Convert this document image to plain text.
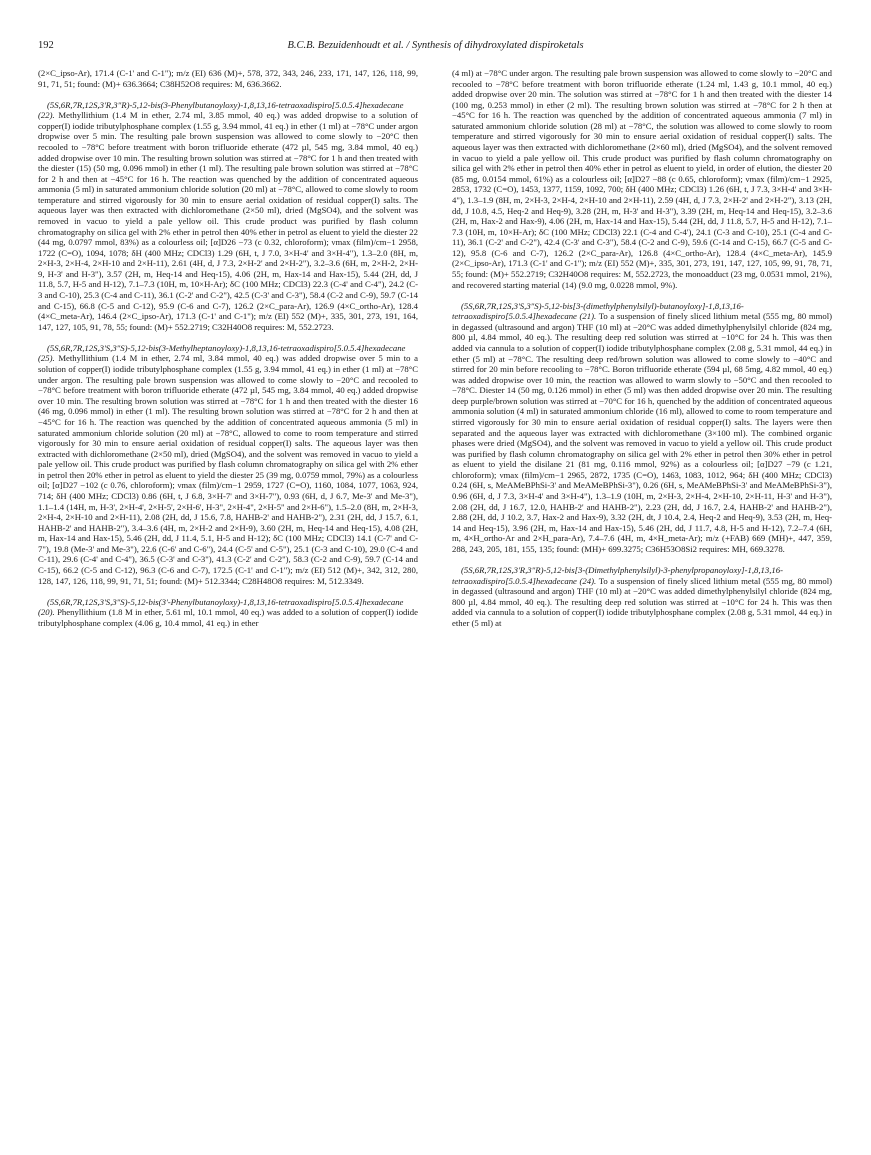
192	B.C.B. Bezuidenhoudt et al. / Synthesis of dihydroxylated dispiroketals

(2×C_ipso-Ar), 171.4 (C-1' and C-1"); m/z (EI) 636 (M)+, 578, 372, 343, 246, 233, 171, 147, 126, 118, 99, 91, 71, 51; found: (M)+ 636.3664; C38H52O8 requires: M, 636.3662.

(5S,6R,7R,12S,3'R,3"R)-5,12-bis(3-Phenylbutanoyloxy)-1,8,13,16-tetraoxadispiro[5.0.5.4]hexadecane (22). Methyllithium (1.4 M in ether, 2.74 ml, 3.85 mmol, 40 eq.) was added dropwise to a solution of copper(I) iodide tributylphosphane complex (1.55 g, 3.94 mmol, 41 eq.) in ether (1 ml) at −78°C under argon dropwise over 5 min. The resulting pale brown suspension was allowed to come slowly to −20°C then recooled to −78°C before treatment with boron trifluoride etherate (472 µl, 545 mg, 3.84 mmol, 40 eq.) added dropwise over 10 min. The resulting brown solution was stirred at −78°C for 1 h and then treated with the diester (15) (50 mg, 0.096 mmol) in ether (1 ml). The resulting pale brown solution was stirred at −78°C for 2 h and then at −45°C for 16 h. The reaction was quenched by the addition of concentrated aqueous ammonia (5 ml) in saturated ammonium chloride solution (20 ml) at −78°C, allowed to come slowly to room temperature and stirred vigorously for 30 min to ensure aerial oxidation of residual copper(I) salts. The aqueous layer was then extracted with dichloromethane (2×50 ml), dried (MgSO4), and the solvent was removed in vacuo to yield a pale yellow oil. This crude product was purified by flash column chromatography on silica gel with 2% ether in petrol then 40% ether in petrol as eluent to yield the diester 22 (44 mg, 0.0797 mmol, 83%) as a colourless oil; [α]D26 −73 (c 0.32, chloroform); νmax (film)/cm−1 2958, 1722 (C=O), 1094, 1078; δH (400 MHz; CDCl3) 1.29 (6H, t, J 7.0, 3×H-4' and 3×H-4"), 1.3–2.0 (8H, m, 2×H-3, 2×H-4, 2×H-10 and 2×H-11), 2.61 (4H, d, J 7.3, 2×H-2' and 2×H-2"), 3.2–3.6 (6H, m, 2×H-2, 2×H-9, H-3' and H-3"), 3.57 (2H, m, Heq-14 and Heq-15), 4.06 (2H, m, Hax-14 and Hax-15), 5.44 (2H, dd, J 11.8, 5.7, H-5 and H-12), 7.1–7.3 (10H, m, 10×H-Ar); δC (100 MHz; CDCl3) 22.3 (C-4' and C-4"), 24.2 (C-3 and C-10), 25.3 (C-4 and C-11), 36.1 (C-2' and C-2"), 42.5 (C-3' and C-3"), 58.4 (C-2 and C-9), 59.7 (C-14 and C-15), 66.8 (C-5 and C-12), 95.9 (C-6 and C-7), 126.2 (2×C_para-Ar), 126.9 (4×C_ortho-Ar), 128.4 (4×C_meta-Ar), 146.4 (2×C_ipso-Ar), 171.3 (C-1' and C-1"); m/z (EI) 552 (M)+, 335, 301, 273, 191, 164, 147, 127, 105, 91, 78, 55; found: (M)+ 552.2719; C32H40O8 requires: M, 552.2723.

(5S,6R,7R,12S,3'S,3"S)-5,12-bis(3-Methylheptanoyloxy)-1,8,13,16-tetraoxadispiro[5.0.5.4]hexadecane (25). Methyllithium (1.4 M in ether, 2.74 ml, 3.84 mmol, 40 eq.) was added dropwise over 5 min to a solution of copper(I) iodide tributylphosphane complex (1.55 g, 3.94 mmol, 41 eq.) in ether (1 ml) at −78°C under argon. The resulting pale brown suspension was allowed to come slowly to −20°C and recooled to −78°C before treatment with boron trifluoride etherate (472 µl, 545 mg, 3.84 mmol, 40 eq.) added dropwise over 10 min. The resulting brown solution was stirred at −78°C for 1 h and then treated with the diester 16 (46 mg, 0.096 mmol) in ether (1 ml). The resulting brown solution was stirred at −78°C for 2 h and then at −45°C for 16 h. The reaction was quenched by the addition of concentrated aqueous ammonia (5 ml) in saturated ammonium chloride solution (20 ml) at −78°C, allowed to come to room temperature and stirred vigorously for 30 min to ensure aerial oxidation of residual copper(I) salts. The aqueous layer was then extracted with dichloromethane (2×50 ml), dried (MgSO4), and the solvent was removed in vacuo to yield a pale yellow oil. This crude product was purified by flash column chromatography on silica gel with 2% ether in petrol then 20% ether in petrol as eluent to yield the diester 25 (39 mg, 0.0759 mmol, 79%) as a colourless oil; [α]D27 −102 (c 0.76, chloroform); νmax (film)/cm−1 2959, 1727 (C=O), 1160, 1084, 1077, 1063, 924, 714; δH (400 MHz; CDCl3) 0.86 (6H, t, J 6.8, 3×H-7' and 3×H-7"), 0.93 (6H, d, J 6.7, Me-3' and Me-3"), 1.1–1.4 (14H, m, H-3', 2×H-4', 2×H-5', 2×H-6', H-3", 2×H-4", 2×H-5" and 2×H-6"), 1.5–2.0 (8H, m, 2×H-3, 2×H-4, 2×H-10 and 2×H-11), 2.08 (2H, dd, J 15.6, 7.8, HAHB-2' and HAHB-2"), 2.31 (2H, dd, J 15.7, 6.1, HAHB-2' and HAHB-2"), 3.4–3.6 (4H, m, 2×H-2 and 2×H-9), 3.60 (2H, m, Heq-14 and Heq-15), 4.08 (2H, m, Hax-14 and Hax-15), 5.46 (2H, dd, J 11.4, 5.1, H-5 and H-12); δC (100 MHz; CDCl3) 14.1 (C-7' and C-7"), 19.8 (Me-3' and Me-3"), 22.6 (C-6' and C-6"), 24.4 (C-5' and C-5"), 25.1 (C-3 and C-10), 29.0 (C-4 and C-11), 29.6 (C-4' and C-4"), 36.5 (C-3' and C-3"), 41.3 (C-2' and C-2"), 58.3 (C-2 and C-9), 59.7 (C-14 and C-15), 66.2 (C-5 and C-12), 96.3 (C-6 and C-7), 172.5 (C-1' and C-1"); m/z (EI) 512 (M)+, 342, 312, 280, 128, 147, 126, 118, 99, 91, 71, 51; found: (M)+ 512.3344; C28H48O8 requires: M, 512.3349.

(5S,6R,7R,12S,3'S,3"S)-5,12-bis(3'-Phenylbutanoyloxy)-1,8,13,16-tetraoxadispiro[5.0.5.4]hexadecane (20). Phenyllithium (1.8 M in ether, 5.61 ml, 10.1 mmol, 40 eq.) was added to a solution of copper(I) iodide tributylphosphane complex (4.06 g, 10.4 mmol, 41 eq.) in ether

(4 ml) at −78°C under argon. The resulting pale brown suspension was allowed to come slowly to −20°C and recooled to −78°C before treatment with boron trifluoride etherate (1.24 ml, 1.43 g, 10.1 mmol, 40 eq.) added dropwise over 20 min. The solution was stirred at −78°C for 1 h and then treated with the diester 14 (100 mg, 0.253 mmol) in ether (2 ml). The resulting brown solution was stirred at −78°C for 2 h then at −45°C for 16 h. The reaction was quenched by the addition of concentrated aqueous ammonia (7 ml) in saturated ammonium chloride solution (28 ml) at −78°C, the solution was allowed to come slowly to room temperature and stirred vigorously for 30 min to ensure aerial oxidation of residual copper(I) salts. The aqueous layer was then extracted with dichloromethane (2×60 ml), dried (MgSO4), and the solvent removed in vacuo to yield a pale yellow oil. This crude product was purified by flash column chromatography on silica gel with 2% ether in petrol then 40% ether in petrol as eluent to yield, in order of elution, the diester 20 (85 mg, 0.0154 mmol, 61%) as a colourless oil; [α]D27 −88 (c 0.65, chloroform); νmax (film)/cm−1 2925, 2853, 1732 (C=O), 1453, 1377, 1159, 1092, 700; δH (400 MHz; CDCl3) 1.26 (6H, t, J 7.3, 3×H-4' and 3×H-4"), 1.3–1.9 (8H, m, 2×H-3, 2×H-4, 2×H-10 and 2×H-11), 2.59 (4H, d, J 7.3, 2×H-2' and 2×H-2"), 3.13 (2H, dd, J 10.8, 4.5, Heq-2 and Heq-9), 3.28 (2H, m, H-3' and H-3"), 3.39 (2H, m, Heq-14 and Heq-15), 3.2–3.6 (2H, m, Hax-2 and Hax-9), 4.06 (2H, m, Hax-14 and Hax-15), 5.44 (2H, dd, J 11.8, 5.7, H-5 and H-12), 7.1–7.3 (10H, m, 10×H-Ar); δC (100 MHz; CDCl3) 22.1 (C-4 and C-4'), 24.1 (C-3 and C-10), 25.1 (C-4 and C-11), 36.1 (C-2' and C-2"), 42.4 (C-3' and C-3"), 58.4 (C-2 and C-9), 59.6 (C-14 and C-15), 66.7 (C-5 and C-12), 95.8 (C-6 and C-7), 126.2 (2×C_para-Ar), 126.8 (4×C_ortho-Ar), 128.4 (4×C_meta-Ar), 145.9 (2×C_ipso-Ar), 171.3 (C-1' and C-1"); m/z (EI) 552 (M)+, 335, 301, 273, 191, 147, 127, 105, 99, 91, 78, 71, 55; found: (M)+ 552.2719; C32H40O8 requires: M, 552.2723, the monoadduct (23 mg, 0.0531 mmol, 21%), and recovered starting material (14) (9.0 mg, 0.0228 mmol, 9%).

(5S,6R,7R,12S,3'S,3"S)-5,12-bis[3-(dimethylphenylsilyl)-butanoyloxy]-1,8,13,16-tetraoxadispiro[5.0.5.4]hexadecane (21). To a suspension of finely sliced lithium metal (555 mg, 80 mmol) in degassed (ultrasound and argon) THF (10 ml) at −20°C was added dimethylphenylsilyl chloride (824 mg, 800 µl, 4.84 mmol, 40 eq.). The resulting deep red solution was stirred at −10°C for 24 h. This was then added via cannula to a solution of copper(I) iodide tributylphosphane complex (2.08 g, 5.31 mmol, 44 eq.) in ether (5 ml) at −78°C. The resulting deep red/brown solution was allowed to come slowly to −40°C and stirred for 20 min before recooling to −78°C. Boron trifluoride etherate (594 µl, 68 5mg, 4.82 mmol, 40 eq.) was added dropwise over 10 min, the reaction was allowed to warm slowly to −50°C and then recooled to −78°C. Diester 14 (50 mg, 0.126 mmol) in ether (5 ml) was then added dropwise over 20 min. The resulting deep purple/brown solution was stirred at −70°C for 16 h, quenched by the addition of concentrated aqueous ammonia solution (4 ml) in saturated ammonium chloride (16 ml), allowed to come to room temperature and stirred vigorously for 30 min to ensure aerial oxidation of residual copper(I) salts. The layers were then separated and the aqueous layer was extracted with dichloromethane (3×100 ml). The combined organic phases were dried (MgSO4), and the solvent was removed in vacuo to yield a yellow oil. This crude product was purified by flash column chromatography on silica gel with 2% ether in petrol then 30% ether in petrol as eluent to yield the disilane 21 (81 mg, 0.116 mmol, 92%) as a colourless oil; [α]D27 −79 (c 1.21, chloroform); νmax (film)/cm−1 2965, 2872, 1735 (C=O), 1463, 1083, 1012, 964; δH (400 MHz; CDCl3) 0.24 (6H, s, MeAMeBPhSi-3' and MeAMeBPhSi-3"), 0.26 (6H, s, MeAMeBPhSi-3' and MeAMeBPhSi-3"), 0.96 (6H, d, J 7.3, 3×H-4' and 3×H-4"), 1.3–1.9 (10H, m, 2×H-3, 2×H-4, 2×H-10, 2×H-11, H-3' and H-3"), 2.08 (2H, dd, J 16.7, 12.0, HAHB-2' and HAHB-2"), 2.23 (2H, dd, J 16.7, 2.4, HAHB-2' and HAHB-2"), 2.88 (2H, dd, J 10.2, 3.7, Hax-2 and Hax-9), 3.32 (2H, dt, J 10.4, 2.4, Heq-2 and Heq-9), 3.53 (2H, m, Heq-14 and Heq-15), 3.96 (2H, m, Hax-14 and Hax-15), 5.46 (2H, dd, J 11.7, 4.8, H-5 and H-12), 7.2–7.4 (6H, m, 4×H_ortho-Ar and 2×H_para-Ar), 7.4–7.6 (4H, m, 4×H_meta-Ar); m/z (+FAB) 669 (MH)+, 447, 359, 288, 243, 205, 181, 155, 135; found: (MH)+ 699.3275; C36H53O8Si2 requires: MH, 669.3278.

(5S,6R,7R,12S,3'R,3"R)-5,12-bis[3-(Dimethylphenylsilyl)-3-phenylpropanoyloxy]-1,8,13,16-tetraoxadispiro[5.0.5.4]hexadecane (24). To a suspension of finely sliced lithium metal (555 mg, 80 mmol) in degassed (ultrasound and argon) THF (10 ml) at −20°C was added dimethylphenylsilyl chloride (824 mg, 800 µl, 4.84 mmol, 40 eq.). The resulting deep red solution was stirred at −10°C for 24 h. This was then added via cannula to a solution of copper(I) iodide tributylphosphane complex (2.08 g, 5.31 mmol, 44 eq.) in ether (5 ml) at
